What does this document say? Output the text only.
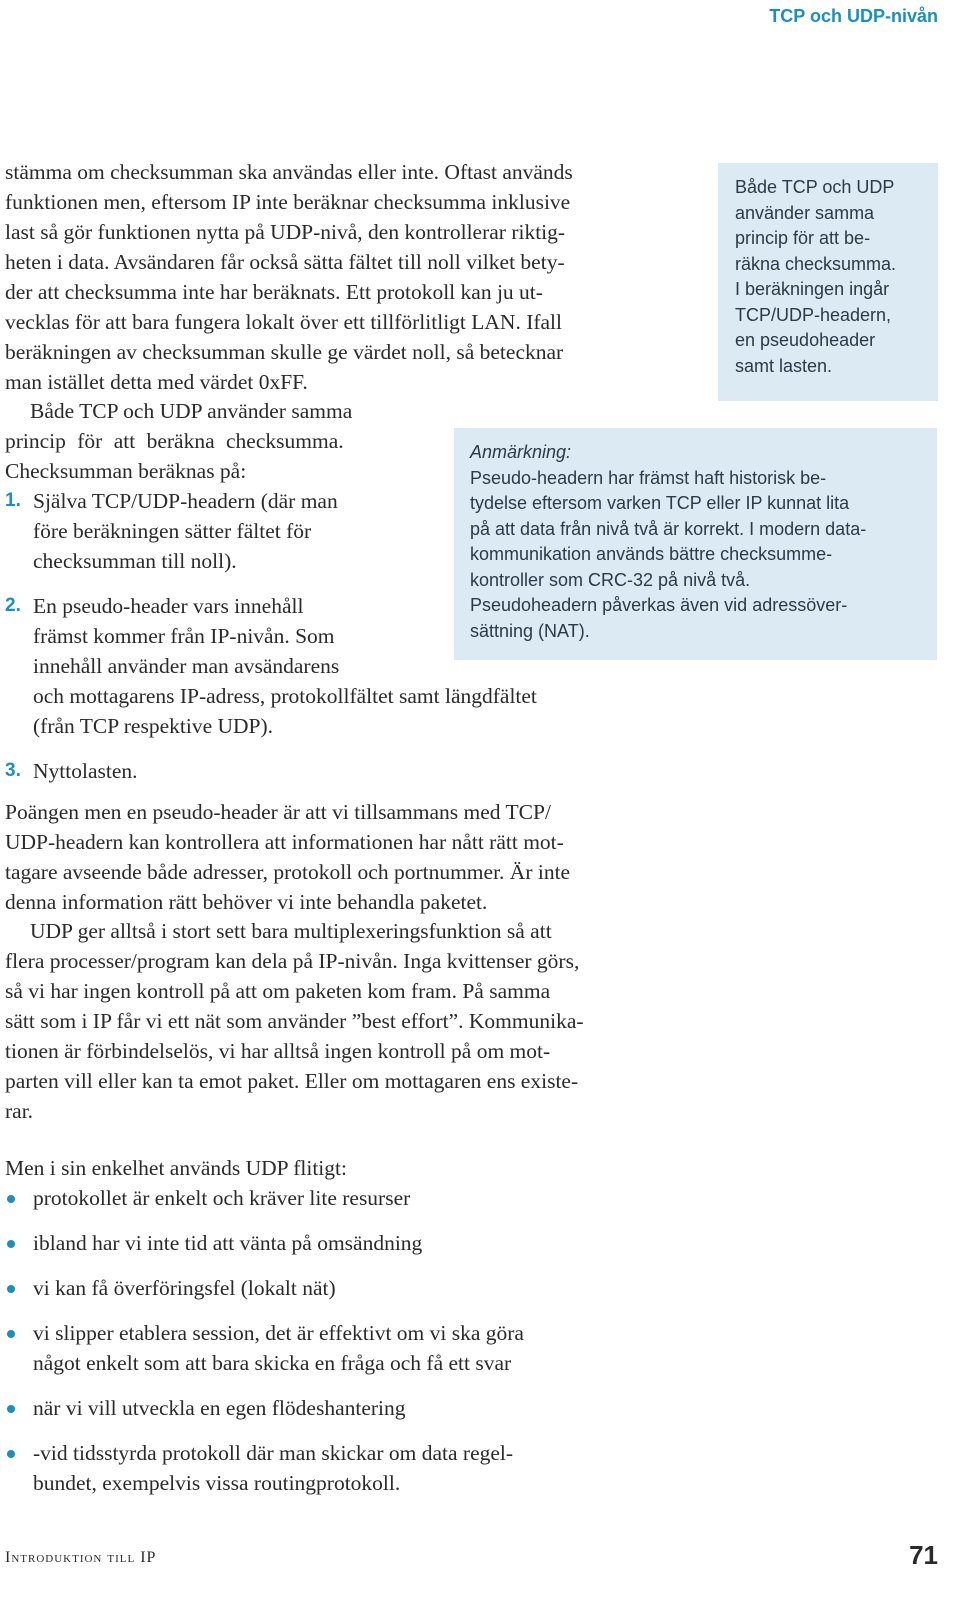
TCP och UDP-nivån
stämma om checksumman ska användas eller inte. Oftast används
funktionen men, eftersom IP inte beräknar checksumma inklusive
last så gör funktionen nytta på UDP-nivå, den kontrollerar riktig-
heten i data. Avsändaren får också sätta fältet till noll vilket bety-
der att checksumma inte har beräknats. Ett protokoll kan ju ut-
vecklas för att bara fungera lokalt över ett tillförlitligt LAN. Ifall
beräkningen av checksumman skulle ge värdet noll, så betecknar
man istället detta med värdet 0xFF.
Både TCP och UDP använder samma
princip för att beräkna checksumma.
Checksumman beräknas på:
1. Själva TCP/UDP-headern (där man
före beräkningen sätter fältet för
checksumman till noll).
2. En pseudo-header vars innehåll
främst kommer från IP-nivån. Som
innehåll använder man avsändarens
och mottagarens IP-adress, protokollfältet samt längdfältet
(från TCP respektive UDP).
3. Nyttolasten.
Både TCP och UDP
använder samma
princip för att be-
räkna checksumma.
I beräkningen ingår
TCP/UDP-headern,
en pseudoheader
samt lasten.
Anmärkning:
Pseudo-headern har främst haft historisk be-
tydelse eftersom varken TCP eller IP kunnat lita
på att data från nivå två är korrekt. I modern data-
kommunikation används bättre checksumme-
kontroller som CRC-32 på nivå två.
Pseudoheadern påverkas även vid adressöver-
sättning (NAT).
Poängen men en pseudo-header är att vi tillsammans med TCP/
UDP-headern kan kontrollera att informationen har nått rätt mot-
tagare avseende både adresser, protokoll och portnummer. Är inte
denna information rätt behöver vi inte behandla paketet.
UDP ger alltså i stort sett bara multiplexeringsfunktion så att
flera processer/program kan dela på IP-nivån. Inga kvittenser görs,
så vi har ingen kontroll på att om paketen kom fram. På samma
sätt som i IP får vi ett nät som använder ”best effort”. Kommunika-
tionen är förbindelselös, vi har alltså ingen kontroll på om mot-
parten vill eller kan ta emot paket. Eller om mottagaren ens existe-
rar.
Men i sin enkelhet används UDP flitigt:
protokollet är enkelt och kräver lite resurser
ibland har vi inte tid att vänta på omsändning
vi kan få överföringsfel (lokalt nät)
vi slipper etablera session, det är effektivt om vi ska göra
något enkelt som att bara skicka en fråga och få ett svar
när vi vill utveckla en egen flödeshantering
-vid tidsstyrda protokoll där man skickar om data regel-
bundet, exempelvis vissa routingprotokoll.
Introduktion till IP	71
